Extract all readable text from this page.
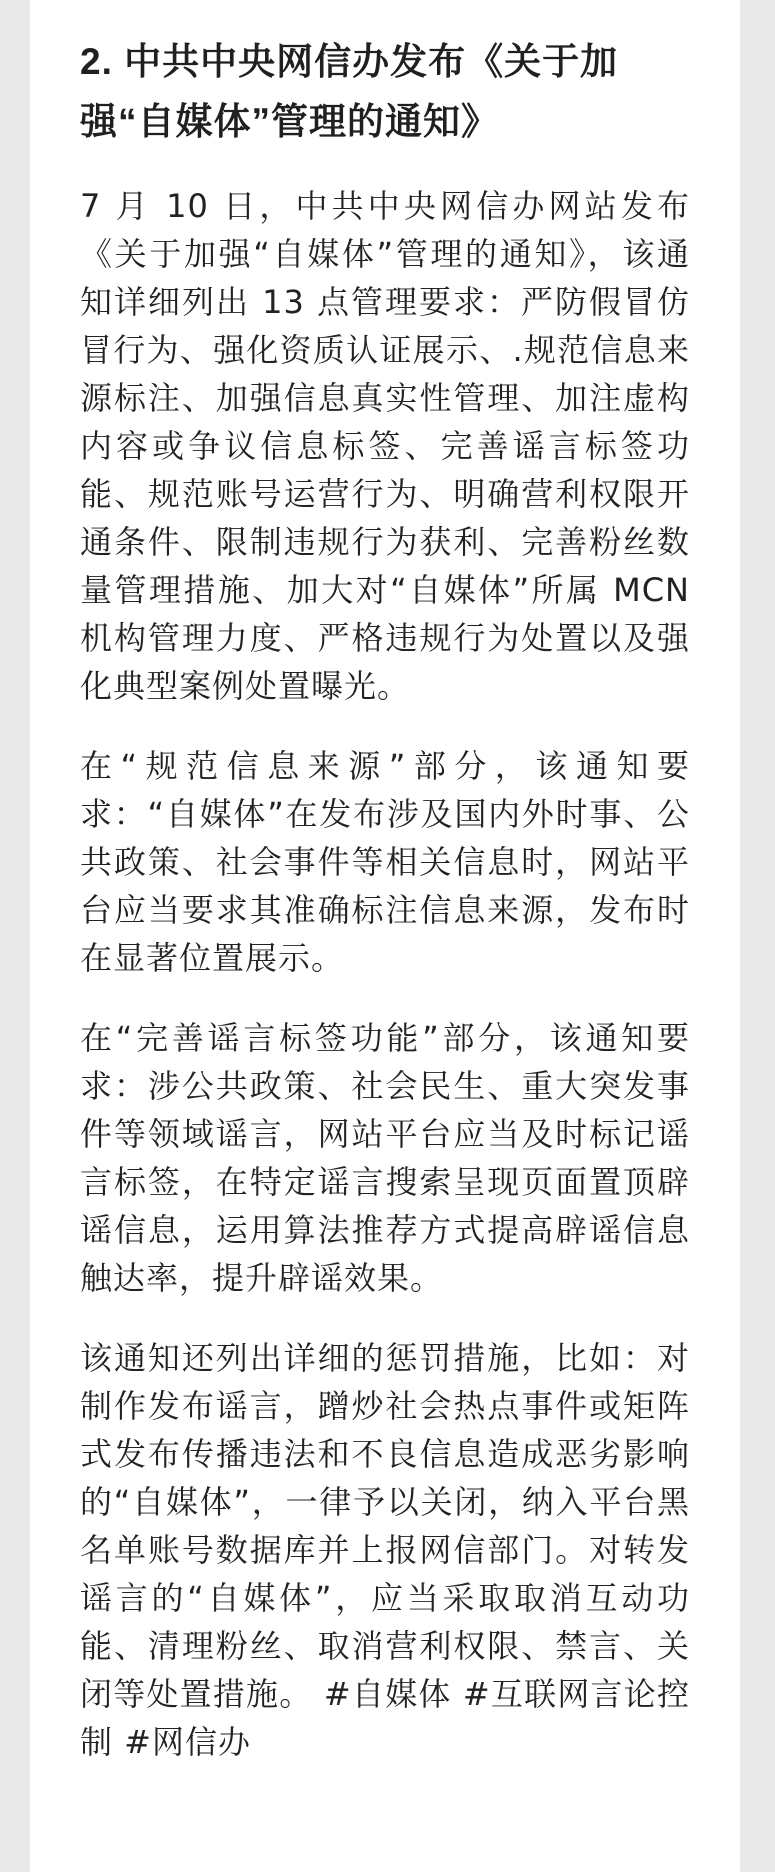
2. 中共中央网信办发布《关于加强“自媒体”管理的通知》

7 月 10 日，中共中央网信办网站发布《关于加强“自媒体”管理的通知》，该通知详细列出 13 点管理要求：严防假冒仿冒行为、强化资质认证展示、.规范信息来源标注、加强信息真实性管理、加注虚构内容或争议信息标签、完善谣言标签功能、规范账号运营行为、明确营利权限开通条件、限制违规行为获利、完善粉丝数量管理措施、加大对“自媒体”所属 MCN 机构管理力度、严格违规行为处置以及强化典型案例处置曝光。

在“规范信息来源”部分，该通知要求：“自媒体”在发布涉及国内外时事、公共政策、社会事件等相关信息时，网站平台应当要求其准确标注信息来源，发布时在显著位置展示。

在“完善谣言标签功能”部分，该通知要求：涉公共政策、社会民生、重大突发事件等领域谣言，网站平台应当及时标记谣言标签，在特定谣言搜索呈现页面置顶辟谣信息，运用算法推荐方式提高辟谣信息触达率，提升辟谣效果。

该通知还列出详细的惩罚措施，比如：对制作发布谣言，蹭炒社会热点事件或矩阵式发布传播违法和不良信息造成恶劣影响的“自媒体”，一律予以关闭，纳入平台黑名单账号数据库并上报网信部门。对转发谣言的“自媒体”，应当采取取消互动功能、清理粉丝、取消营利权限、禁言、关闭等处置措施。 #自媒体 #互联网言论控制 #网信办
